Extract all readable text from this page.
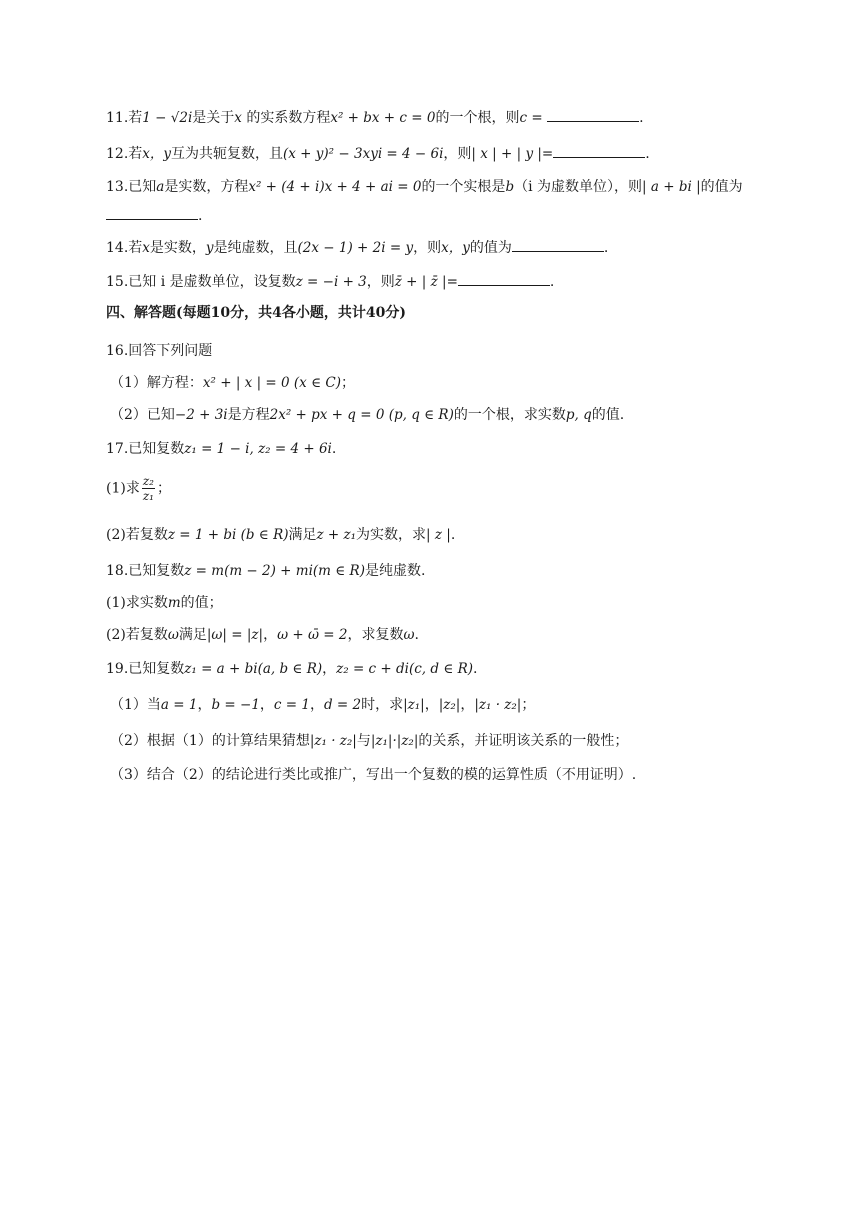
11.若1 − √2i是关于x 的实系数方程x² + bx + c = 0的一个根，则c =	.
12.若x，y互为共轭复数，且(x + y)² − 3xyi = 4 − 6i，则| x | + | y |=	.
13.已知a是实数，方程x² + (4 + i)x + 4 + ai = 0的一个实根是b（i 为虚数单位），则| a + bi |的值为
.
14.若x是实数，y是纯虚数，且(2x − 1) + 2i = y，则x，y的值为	.
15.已知 i 是虚数单位，设复数z = −i + 3，则z̄ + | z̄ |=	.
四、解答题(每题10分，共4各小题，共计40分)
16.回答下列问题
（1）解方程：x² + | x | = 0 (x ∈ C)；
（2）已知−2 + 3i是方程2x² + px + q = 0 (p, q ∈ R)的一个根，求实数p, q的值.
17.已知复数z₁ = 1 − i, z₂ = 4 + 6i.
(1)求 $\frac{\text{z₂}}{\text{z₁}}$ ；
(2)若复数z = 1 + bi (b ∈ R)满足z + z₁为实数，求| z |.
18.已知复数z = m(m − 2) + mi(m ∈ R)是纯虚数.
(1)求实数m的值；
(2)若复数ω满足|ω| = |z|，ω + ω̄ = 2，求复数ω.
19.已知复数z₁ = a + bi(a, b ∈ R)，z₂ = c + di(c, d ∈ R).
（1）当a = 1，b = −1，c = 1，d = 2时，求|z₁|，|z₂|，|z₁ · z₂|；
（2）根据（1）的计算结果猜想|z₁ · z₂|与|z₁|·|z₂|的关系，并证明该关系的一般性；
（3）结合（2）的结论进行类比或推广，写出一个复数的模的运算性质（不用证明）.
